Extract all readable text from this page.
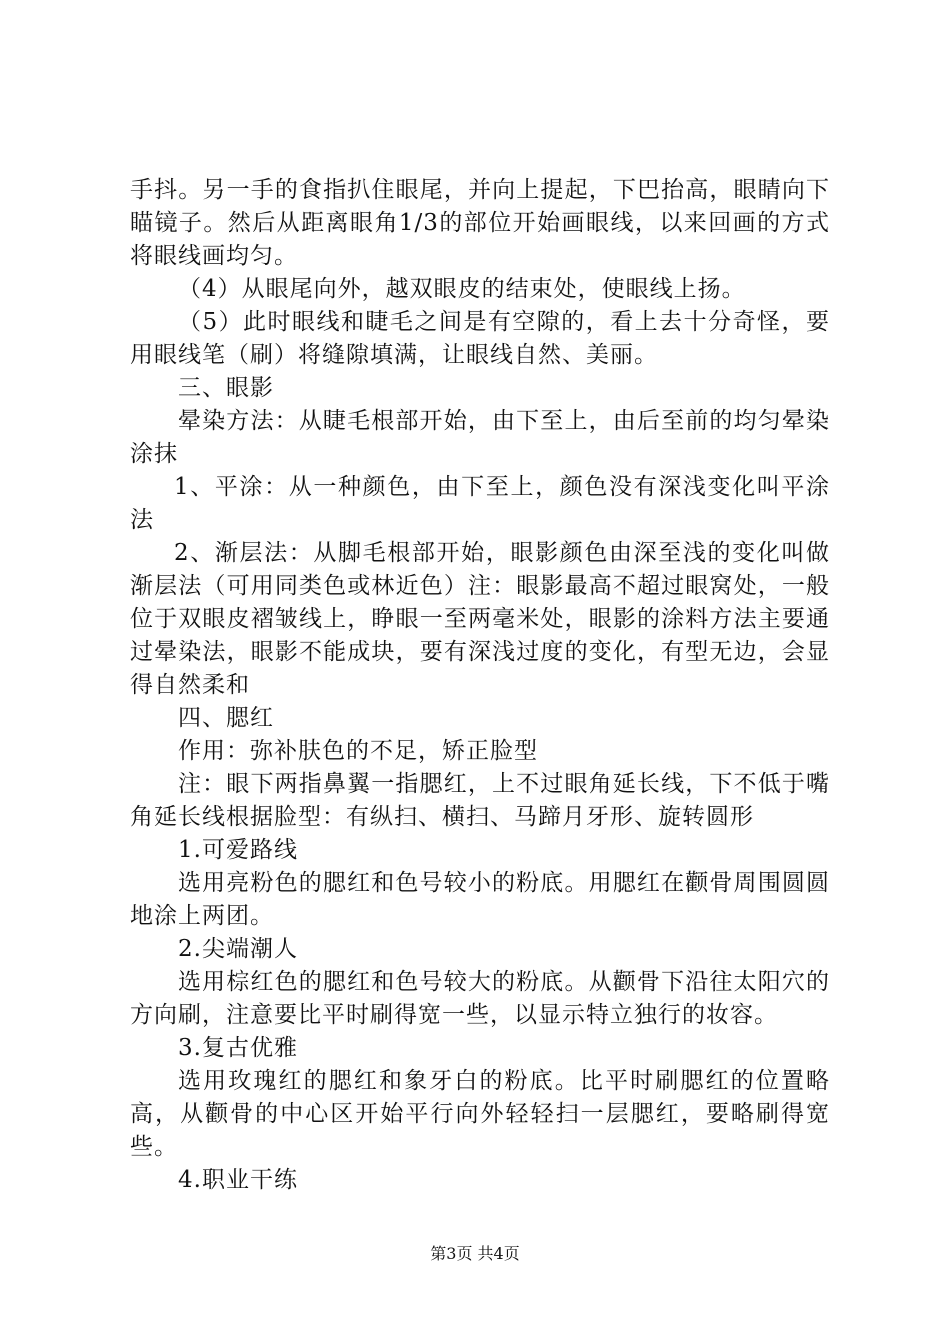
手抖。另一手的食指扒住眼尾，并向上提起，下巴抬高，眼睛向下瞄镜子。然后从距离眼角1/3的部位开始画眼线，以来回画的方式将眼线画均匀。

（4）从眼尾向外，越双眼皮的结束处，使眼线上扬。

（5）此时眼线和睫毛之间是有空隙的，看上去十分奇怪，要用眼线笔（刷）将缝隙填满，让眼线自然、美丽。

三、眼影

晕染方法：从睫毛根部开始，由下至上，由后至前的均匀晕染涂抹

1、平涂：从一种颜色，由下至上，颜色没有深浅变化叫平涂法

2、渐层法：从脚毛根部开始，眼影颜色由深至浅的变化叫做渐层法（可用同类色或林近色）注：眼影最高不超过眼窝处，一般位于双眼皮褶皱线上，睁眼一至两毫米处，眼影的涂料方法主要通过晕染法，眼影不能成块，要有深浅过度的变化，有型无边，会显得自然柔和

四、腮红

作用：弥补肤色的不足，矫正脸型

注：眼下两指鼻翼一指腮红，上不过眼角延长线，下不低于嘴角延长线根据脸型：有纵扫、横扫、马蹄月牙形、旋转圆形

1.可爱路线

选用亮粉色的腮红和色号较小的粉底。用腮红在颧骨周围圆圆地涂上两团。

2.尖端潮人

选用棕红色的腮红和色号较大的粉底。从颧骨下沿往太阳穴的方向刷，注意要比平时刷得宽一些，以显示特立独行的妆容。

3.复古优雅

选用玫瑰红的腮红和象牙白的粉底。比平时刷腮红的位置略高，从颧骨的中心区开始平行向外轻轻扫一层腮红，要略刷得宽些。

4.职业干练

第3页 共4页
